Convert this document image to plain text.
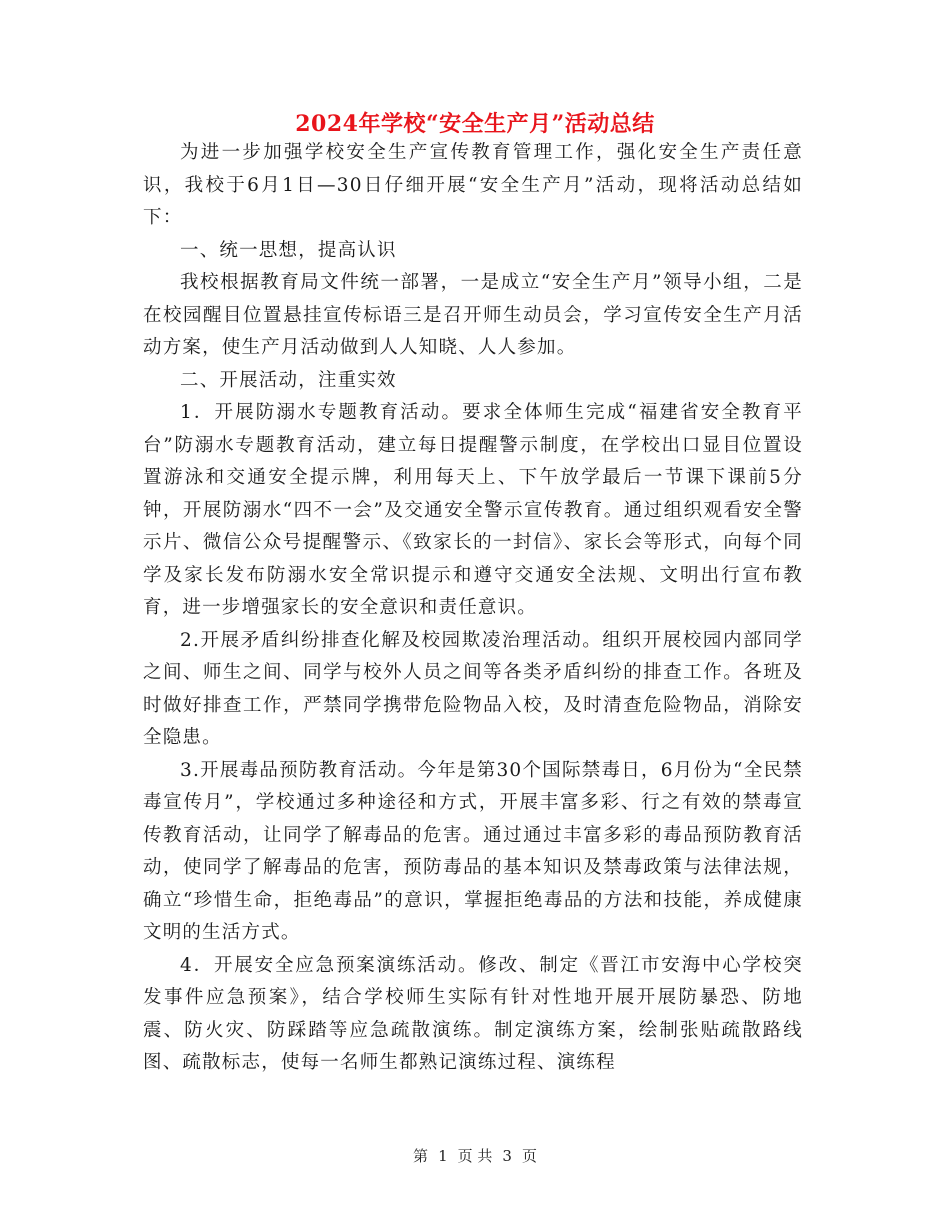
2024年学校“安全生产月”活动总结

为进一步加强学校安全生产宣传教育管理工作，强化安全生产责任意识，我校于6月1日—30日仔细开展“安全生产月”活动，现将活动总结如下：

一、统一思想，提高认识

我校根据教育局文件统一部署，一是成立“安全生产月”领导小组，二是在校园醒目位置悬挂宣传标语三是召开师生动员会，学习宣传安全生产月活动方案，使生产月活动做到人人知晓、人人参加。

二、开展活动，注重实效

1．开展防溺水专题教育活动。要求全体师生完成“福建省安全教育平台”防溺水专题教育活动，建立每日提醒警示制度，在学校出口显目位置设置游泳和交通安全提示牌，利用每天上、下午放学最后一节课下课前5分钟，开展防溺水“四不一会”及交通安全警示宣传教育。通过组织观看安全警示片、微信公众号提醒警示、《致家长的一封信》、家长会等形式，向每个同学及家长发布防溺水安全常识提示和遵守交通安全法规、文明出行宣布教育，进一步增强家长的安全意识和责任意识。

2.开展矛盾纠纷排查化解及校园欺凌治理活动。组织开展校园内部同学之间、师生之间、同学与校外人员之间等各类矛盾纠纷的排查工作。各班及时做好排查工作，严禁同学携带危险物品入校，及时清查危险物品，消除安全隐患。

3.开展毒品预防教育活动。今年是第30个国际禁毒日，6月份为“全民禁毒宣传月”，学校通过多种途径和方式，开展丰富多彩、行之有效的禁毒宣传教育活动，让同学了解毒品的危害。通过通过丰富多彩的毒品预防教育活动，使同学了解毒品的危害，预防毒品的基本知识及禁毒政策与法律法规，确立“珍惜生命，拒绝毒品”的意识，掌握拒绝毒品的方法和技能，养成健康文明的生活方式。

4．开展安全应急预案演练活动。修改、制定《晋江市安海中心学校突发事件应急预案》，结合学校师生实际有针对性地开展开展防暴恐、防地震、防火灾、防踩踏等应急疏散演练。制定演练方案，绘制张贴疏散路线图、疏散标志，使每一名师生都熟记演练过程、演练程

第 1 页 共 3 页
